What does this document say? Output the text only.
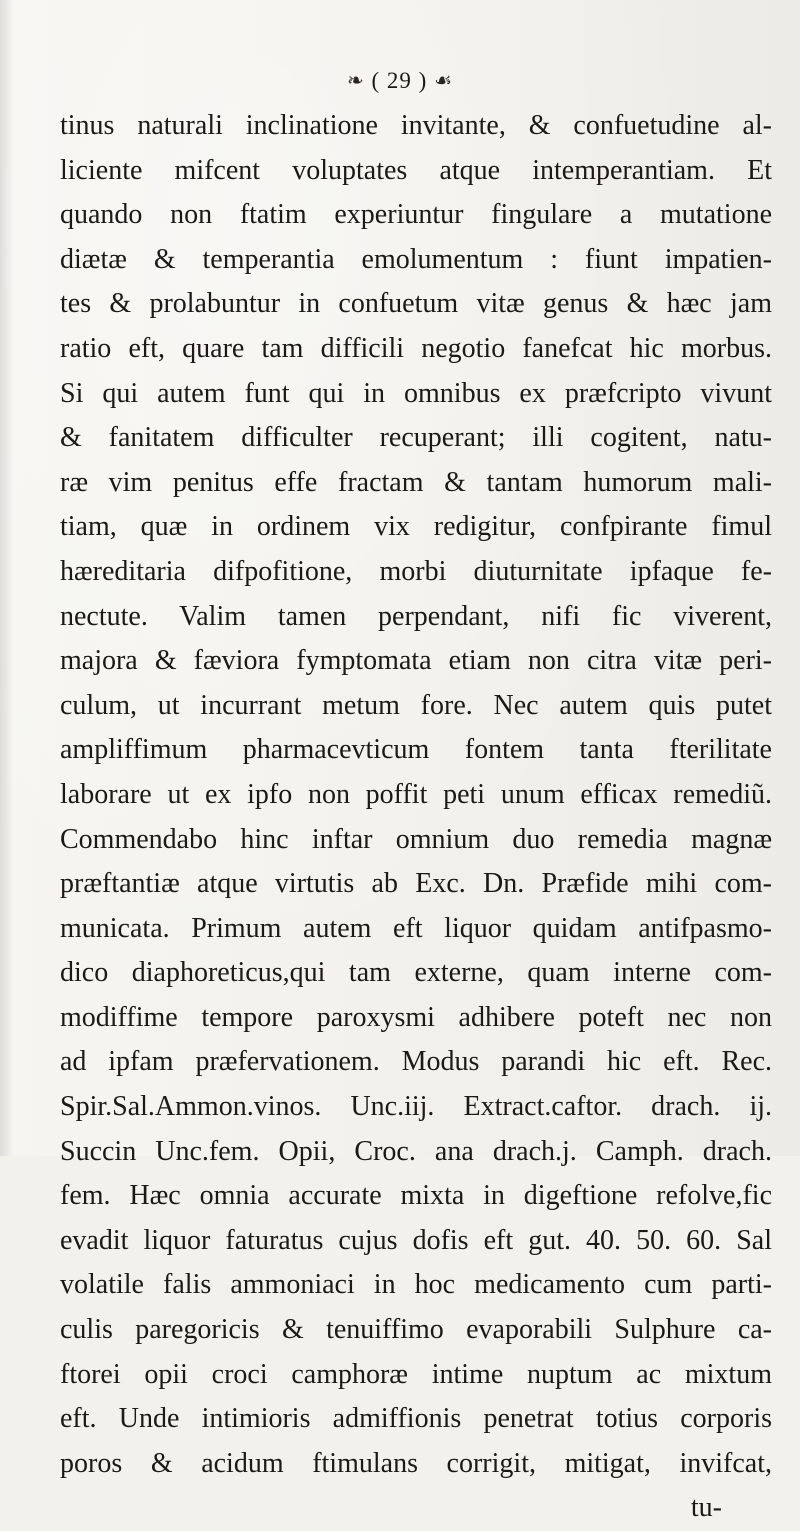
❧ ( 29 ) ☙
tinus naturali inclinatione invitante, & confuetudine al-
liciente mifcent voluptates atque intemperantiam. Et
quando non ftatim experiuntur fingulare a mutatione
diætæ & temperantia emolumentum : fiunt impatien-
tes & prolabuntur in confuetum vitæ genus & hæc jam
ratio eft, quare tam difficili negotio fanefcat hic morbus.
Si qui autem funt qui in omnibus ex præfcripto vivunt
& fanitatem difficulter recuperant; illi cogitent, natu-
ræ vim penitus effe fractam & tantam humorum mali-
tiam, quæ in ordinem vix redigitur, confpirante fimul
hæreditaria difpofitione, morbi diuturnitate ipfaque fe-
nectute. Valim tamen perpendant, nifi fic viverent,
majora & fæviora fymptomata etiam non citra vitæ peri-
culum, ut incurrant metum fore. Nec autem quis putet
ampliffimum pharmacevticum fontem tanta fterilitate
laborare ut ex ipfo non poffit peti unum efficax remediũ.
Commendabo hinc inftar omnium duo remedia magnæ
præftantiæ atque virtutis ab Exc. Dn. Præfide mihi com-
municata. Primum autem eft liquor quidam antifpasmo-
dico diaphoreticus,qui tam externe, quam interne com-
modiffime tempore paroxysmi adhibere poteft nec non
ad ipfam præfervationem. Modus parandi hic eft. Rec.
Spir.Sal.Ammon.vinos. Unc.iij. Extract.caftor. drach. ij.
Succin Unc.fem. Opii, Croc. ana drach.j. Camph. drach.
fem. Hæc omnia accurate mixta in digeftione refolve,fic
evadit liquor faturatus cujus dofis eft gut. 40. 50. 60. Sal
volatile falis ammoniaci in hoc medicamento cum parti-
culis paregoricis & tenuiffimo evaporabili Sulphure ca-
ftorei opii croci camphoræ intime nuptum ac mixtum
eft. Unde intimioris admiffionis penetrat totius corporis
poros & acidum ftimulans corrigit, mitigat, invifcat,
tu-
